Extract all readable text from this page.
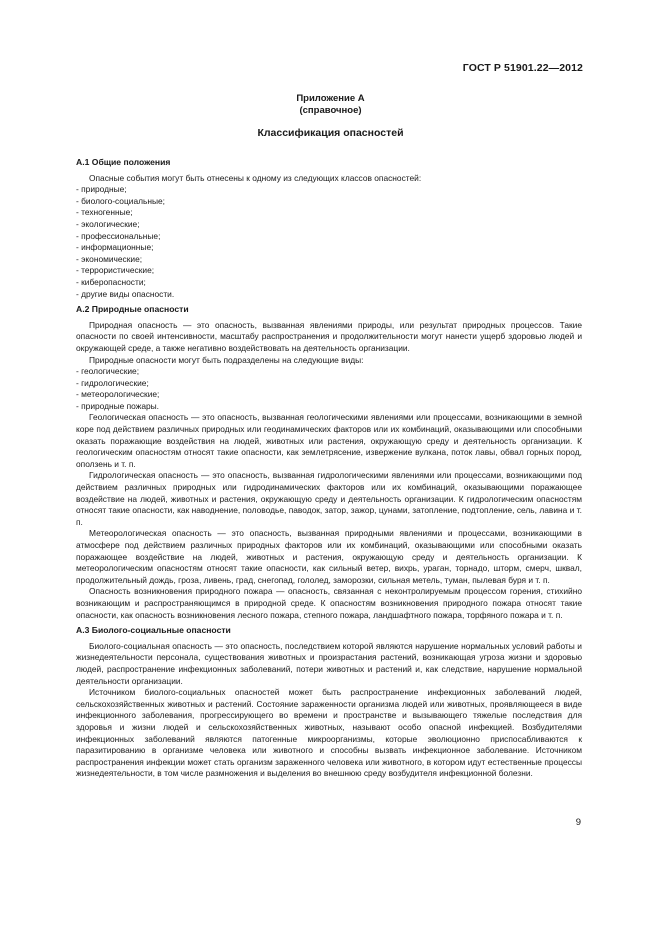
ГОСТ Р 51901.22—2012
Приложение А
(справочное)
Классификация опасностей
А.1 Общие положения

Опасные события могут быть отнесены к одному из следующих классов опасностей:

- природные;
- биолого-социальные;
- техногенные;
- экологические;
- профессиональные;
- информационные;
- экономические;
- террористические;
- киберопасности;
- другие виды опасности.
А.2 Природные опасности

Природная опасность — это опасность, вызванная явлениями природы, или результат природных процессов. Такие опасности по своей интенсивности, масштабу распространения и продолжительности могут нанести ущерб здоровью людей и окружающей среде, а также негативно воздействовать на деятельность организации.

Природные опасности могут быть подразделены на следующие виды:

- геологические;
- гидрологические;
- метеорологические;
- природные пожары.

Геологическая опасность — это опасность, вызванная геологическими явлениями или процессами, возникающими в земной коре под действием различных природных или геодинамических факторов или их комбинаций, оказывающими или способными оказать поражающие воздействия на людей, животных или растения, окружающую среду и деятельность организации. К геологическим опасностям относят такие опасности, как землетрясение, извержение вулкана, поток лавы, обвал горных пород, оползень и т. п.

Гидрологическая опасность — это опасность, вызванная гидрологическими явлениями или процессами, возникающими под действием различных природных или гидродинамических факторов или их комбинаций, оказывающими поражающее воздействие на людей, животных и растения, окружающую среду и деятельность организации. К гидрологическим опасностям относят такие опасности, как наводнение, половодье, паводок, затор, зажор, цунами, затопление, подтопление, сель, лавина и т. п.

Метеорологическая опасность — это опасность, вызванная природными явлениями и процессами, возникающими в атмосфере под действием различных природных факторов или их комбинаций, оказывающими или способными оказать поражающее воздействие на людей, животных и растения, окружающую среду и деятельность организации. К метеорологическим опасностям относят такие опасности, как сильный ветер, вихрь, ураган, торнадо, шторм, смерч, шквал, продолжительный дождь, гроза, ливень, град, снегопад, гололед, заморозки, сильная метель, туман, пылевая буря и т. п.

Опасность возникновения природного пожара — опасность, связанная с неконтролируемым процессом горения, стихийно возникающим и распространяющимся в природной среде. К опасностям возникновения природного пожара относят такие опасности, как опасность возникновения лесного пожара, степного пожара, ландшафтного пожара, торфяного пожара и т. п.

А.3 Биолого-социальные опасности

Биолого-социальная опасность — это опасность, последствием которой являются нарушение нормальных условий работы и жизнедеятельности персонала, существования животных и произрастания растений, возникающая угроза жизни и здоровью людей, распространение инфекционных заболеваний, потери животных и растений и, как следствие, нарушение нормальной деятельности организации.

Источником биолого-социальных опасностей может быть распространение инфекционных заболеваний людей, сельскохозяйственных животных и растений. Состояние зараженности организма людей или животных, проявляющееся в виде инфекционного заболевания, прогрессирующего во времени и пространстве и вызывающего тяжелые последствия для здоровья и жизни людей и сельскохозяйственных животных, называют особо опасной инфекцией. Возбудителями инфекционных заболеваний являются патогенные микроорганизмы, которые эволюционно приспосабливаются к паразитированию в организме человека или животного и способны вызвать инфекционное заболевание. Источником распространения инфекции может стать организм зараженного человека или животного, в котором идут естественные процессы жизнедеятельности, в том числе размножения и выделения во внешнюю среду возбудителя инфекционной болезни.

9
